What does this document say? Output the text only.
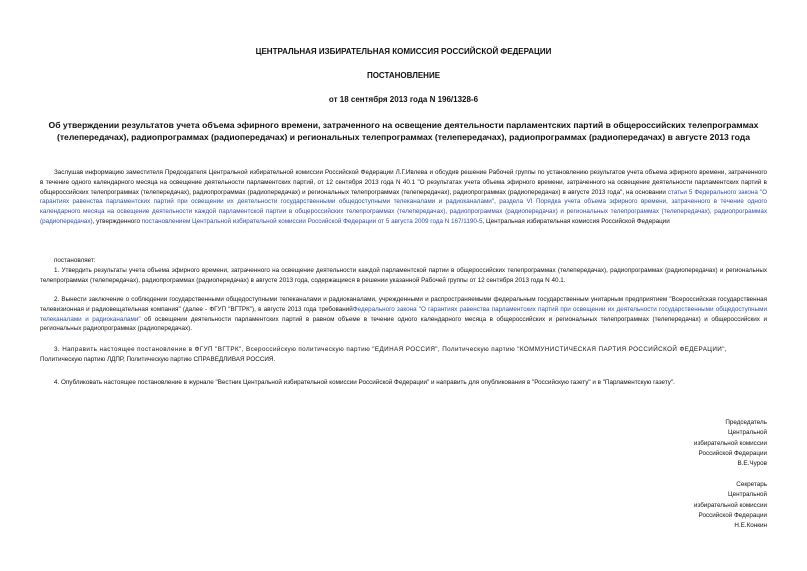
ЦЕНТРАЛЬНАЯ ИЗБИРАТЕЛЬНАЯ КОМИССИЯ РОССИЙСКОЙ ФЕДЕРАЦИИ
ПОСТАНОВЛЕНИЕ
от 18 сентября 2013 года N 196/1328-6
Об утверждении результатов учета объема эфирного времени, затраченного на освещение деятельности парламентских партий в общероссийских телепрограммах (телепередачах), радиопрограммах (радиопередачах) и региональных телепрограммах (телепередачах), радиопрограммах (радиопередачах) в августе 2013 года

Заслушав информацию заместителя Председателя Центральной избирательной комиссии Российской Федерации Л.Г.Ивлева и обсудив решение Рабочей группы по установлению результатов учета объема эфирного времени, затраченного в течение одного календарного месяца на освещение деятельности парламентских партий, от 12 сентября 2013 года N 40.1 "О результатах учета объема эфирного времени, затраченного на освещение деятельности парламентских партий в общероссийских телепрограммах (телепередачах), радиопрограммах (радиопередачах) и региональных телепрограммах (телепередачах), радиопрограммах (радиопередачах) в августе 2013 года", на основании статьи 5 Федерального закона "О гарантиях равенства парламентских партий при освещении их деятельности государственными общедоступными телеканалами и радиоканалами", раздела VI Порядка учета объема эфирного времени, затраченного в течение одного календарного месяца на освещение деятельности каждой парламентской партии в общероссийских телепрограммах (телепередачах), радиопрограммах (радиопередачах) и региональных телепрограммах (телепередачах), радиопрограммах (радиопередачах), утвержденного постановлением Центральной избирательной комиссии Российской Федерации от 5 августа 2009 года N 167/1190-5, Центральная избирательная комиссия Российской Федерации

постановляет:

1. Утвердить результаты учета объема эфирного времени, затраченного на освещение деятельности каждой парламентской партии в общероссийских телепрограммах (телепередачах), радиопрограммах (радиопередачах) и региональных телепрограммах (телепередачах), радиопрограммах (радиопередачах) в августе 2013 года, содержащиеся в решении указанной Рабочей группы от 12 сентября 2013 года N 40.1.

2. Вынести заключение о соблюдении государственными общедоступными телеканалами и радиоканалами, учрежденными и распространяемыми федеральным государственным унитарным предприятием "Всероссийская государственная телевизионная и радиовещательная компания" (далее - ФГУП "ВГТРК"), в августе 2013 года требованийФедерального закона "О гарантиях равенства парламентских партий при освещении их деятельности государственными общедоступными телеканалами и радиоканалами" об освещении деятельности парламентских партий в равном объеме в течение одного календарного месяца в общероссийских и региональных телепрограммах (телепередачах) и общероссийских и региональных радиопрограммах (радиопередачах).

3. Направить настоящее постановление в ФГУП "ВГТРК", Всероссийскую политическую партию "ЕДИНАЯ РОССИЯ", Политическую партию "КОММУНИСТИЧЕСКАЯ ПАРТИЯ РОССИЙСКОЙ ФЕДЕРАЦИИ",
Политическую партию ЛДПР, Политическую партию СПРАВЕДЛИВАЯ РОССИЯ.

4. Опубликовать настоящее постановление в журнале "Вестник Центральной избирательной комиссии Российской Федерации" и направить для опубликования в "Российскую газету" и в "Парламентскую газету".

Председатель
Центральной
избирательной комиссии
Российской Федерации
В.Е.Чуров
Секретарь
Центральной
избирательной комиссии
Российской Федерации
Н.Е.Конкин
